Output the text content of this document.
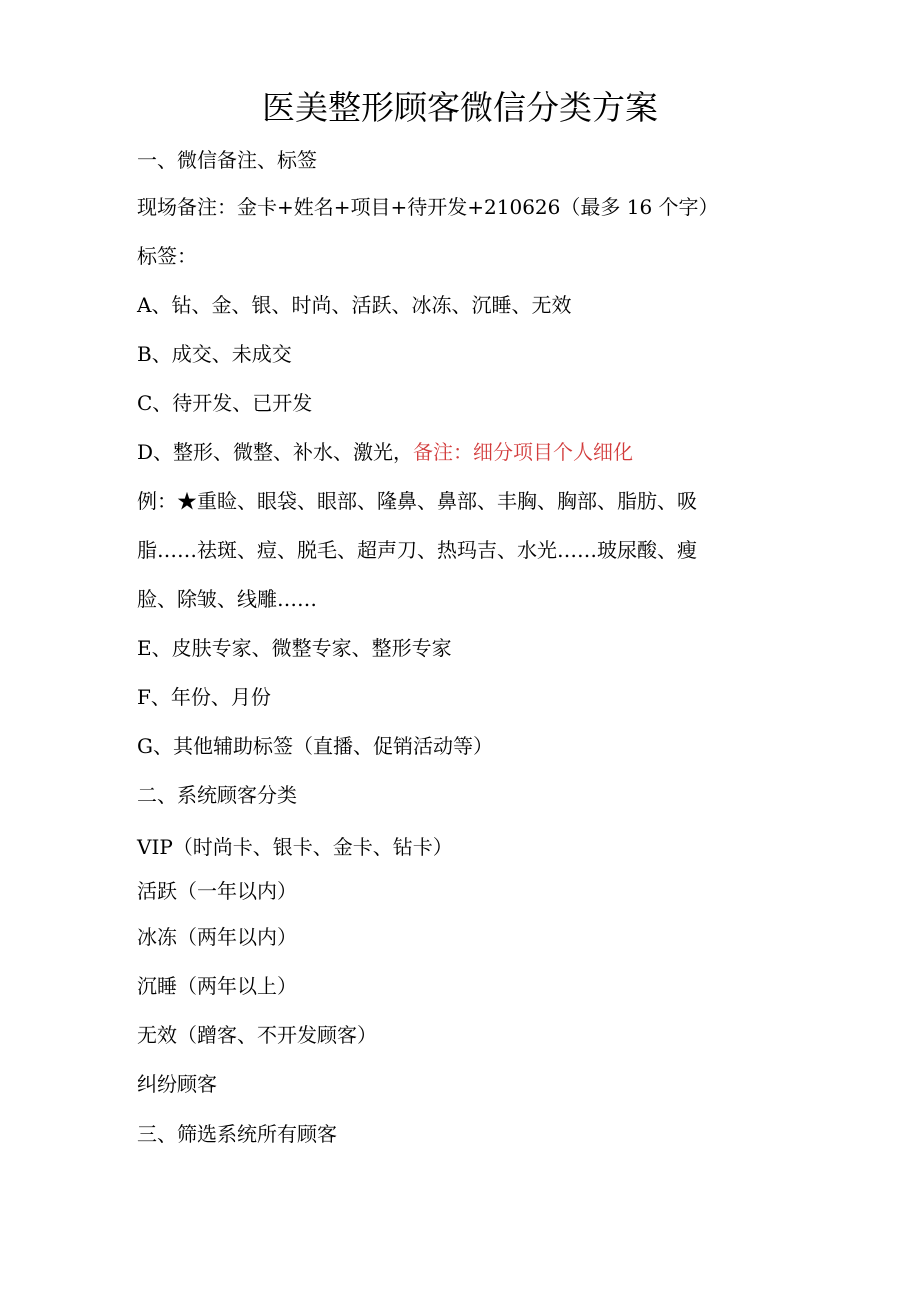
医美整形顾客微信分类方案
一、微信备注、标签
现场备注：金卡+姓名+项目+待开发+210626（最多 16 个字）
标签：
A、钻、金、银、时尚、活跃、冰冻、沉睡、无效
B、成交、未成交
C、待开发、已开发
D、整形、微整、补水、激光，备注：细分项目个人细化
例：★重睑、眼袋、眼部、隆鼻、鼻部、丰胸、胸部、脂肪、吸
脂……祛斑、痘、脱毛、超声刀、热玛吉、水光……玻尿酸、瘦
脸、除皱、线雕……
E、皮肤专家、微整专家、整形专家
F、年份、月份
G、其他辅助标签（直播、促销活动等）
二、系统顾客分类
VIP（时尚卡、银卡、金卡、钻卡）
活跃（一年以内）
冰冻（两年以内）
沉睡（两年以上）
无效（蹭客、不开发顾客）
纠纷顾客
三、筛选系统所有顾客
